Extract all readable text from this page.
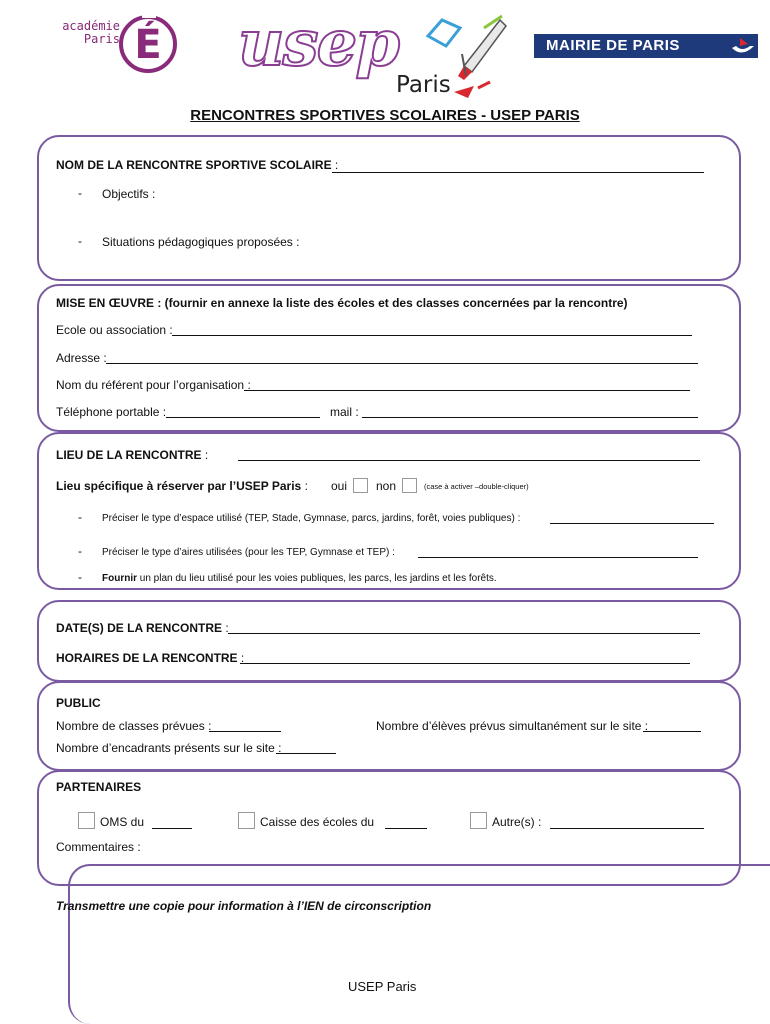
académie
Paris É usep
Paris
MAIRIE DE PARIS
RENCONTRES SPORTIVES SCOLAIRES - USEP PARIS
NOM DE LA RENCONTRE SPORTIVE SCOLAIRE :
- Objectifs :
- Situations pédagogiques proposées :
MISE EN ŒUVRE : (fournir en annexe la liste des écoles et des classes concernées par la rencontre)
Ecole ou association :
Adresse :
Nom du référent pour l’organisation :
Téléphone portable :	mail :
LIEU DE LA RENCONTRE :
Lieu spécifique à réserver par l’USEP Paris : oui non	(case à activer –double-cliquer)
- Préciser le type d’espace utilisé (TEP, Stade, Gymnase, parcs, jardins, forêt, voies publiques) :
- Préciser le type d’aires utilisées (pour les TEP, Gymnase et TEP) :
- Fournir un plan du lieu utilisé pour les voies publiques, les parcs, les jardins et les forêts.
DATE(S) DE LA RENCONTRE :
HORAIRES DE LA RENCONTRE :
PUBLIC
Nombre de classes prévues :	Nombre d’élèves prévus simultanément sur le site :
Nombre d’encadrants présents sur le site :
PARTENAIRES
OMS du	Caisse des écoles du	Autre(s) :
Commentaires :
Transmettre une copie pour information à l’IEN de circonscription
USEP Paris
